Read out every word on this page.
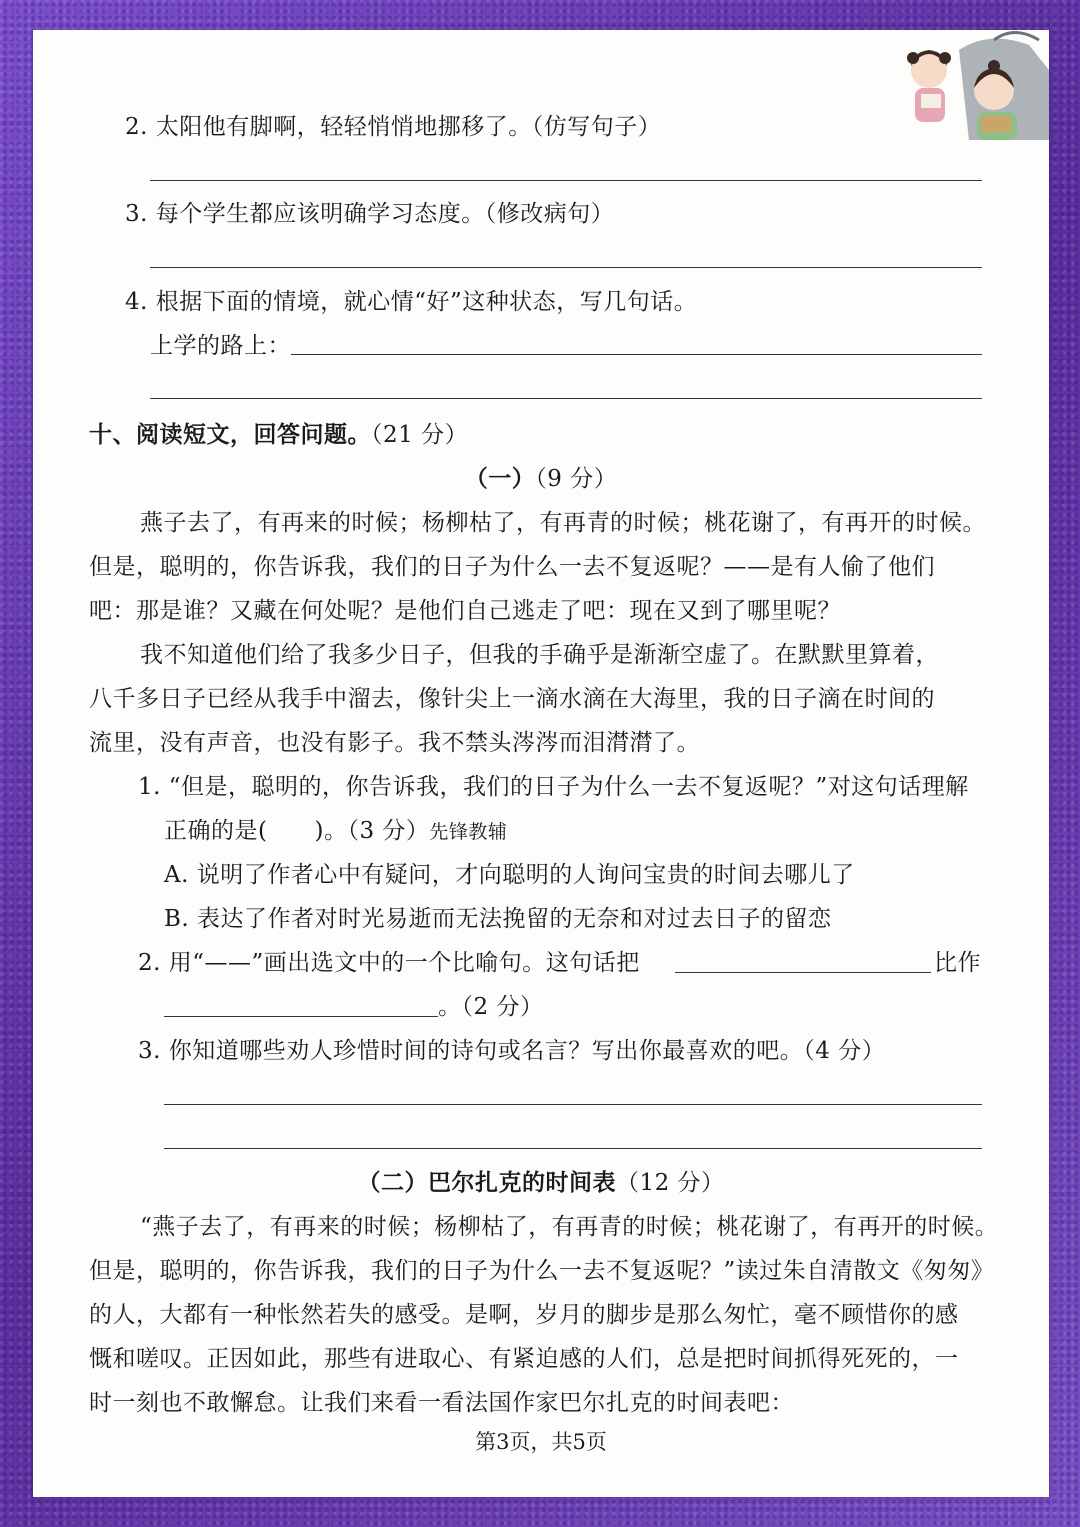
2. 太阳他有脚啊，轻轻悄悄地挪移了。（仿写句子）
3. 每个学生都应该明确学习态度。（修改病句）
4. 根据下面的情境，就心情“好”这种状态，写几句话。
上学的路上：
十、阅读短文，回答问题。（21 分）
（一）（9 分）
燕子去了，有再来的时候；杨柳枯了，有再青的时候；桃花谢了，有再开的时候。
但是，聪明的，你告诉我，我们的日子为什么一去不复返呢？——是有人偷了他们
吧：那是谁？又藏在何处呢？是他们自己逃走了吧：现在又到了哪里呢？
我不知道他们给了我多少日子，但我的手确乎是渐渐空虚了。在默默里算着，
八千多日子已经从我手中溜去，像针尖上一滴水滴在大海里，我的日子滴在时间的
流里，没有声音，也没有影子。我不禁头涔涔而泪潸潸了。
1. “但是，聪明的，你告诉我，我们的日子为什么一去不复返呢？”对这句话理解
正确的是(　　)。（3 分）先锋教辅
A. 说明了作者心中有疑问，才向聪明的人询问宝贵的时间去哪儿了
B. 表达了作者对时光易逝而无法挽留的无奈和对过去日子的留恋
2. 用“——”画出选文中的一个比喻句。这句话把	比作
。（2 分）
3. 你知道哪些劝人珍惜时间的诗句或名言？写出你最喜欢的吧。（4 分）
（二）巴尔扎克的时间表（12 分）
“燕子去了，有再来的时候；杨柳枯了，有再青的时候；桃花谢了，有再开的时候。
但是，聪明的，你告诉我，我们的日子为什么一去不复返呢？”读过朱自清散文《匆匆》
的人，大都有一种怅然若失的感受。是啊，岁月的脚步是那么匆忙，毫不顾惜你的感
慨和嗟叹。正因如此，那些有进取心、有紧迫感的人们，总是把时间抓得死死的，一
时一刻也不敢懈怠。让我们来看一看法国作家巴尔扎克的时间表吧：
第3页，共5页
